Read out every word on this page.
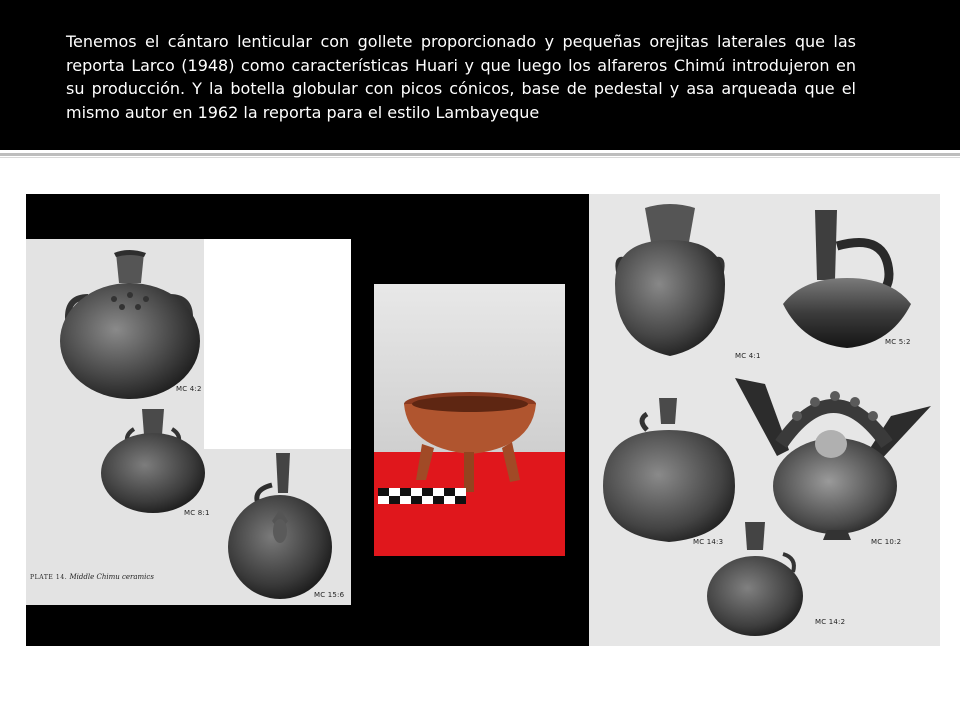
Tenemos el cántaro lenticular con gollete proporcionado y pequeñas orejitas laterales que las reporta Larco (1948) como características Huari y que luego los alfareros Chimú introdujeron en su producción. Y la botella globular con picos cónicos, base de pedestal y asa arqueada que el mismo autor en 1962 la reporta para el estilo Lambayeque

MC 4:2
MC 8:1
MC 15:6
PLATE 14. Middle Chimu ceramics
MC 4:1
MC 5:2
MC 14:3	MC 10:2
MC 14:2
